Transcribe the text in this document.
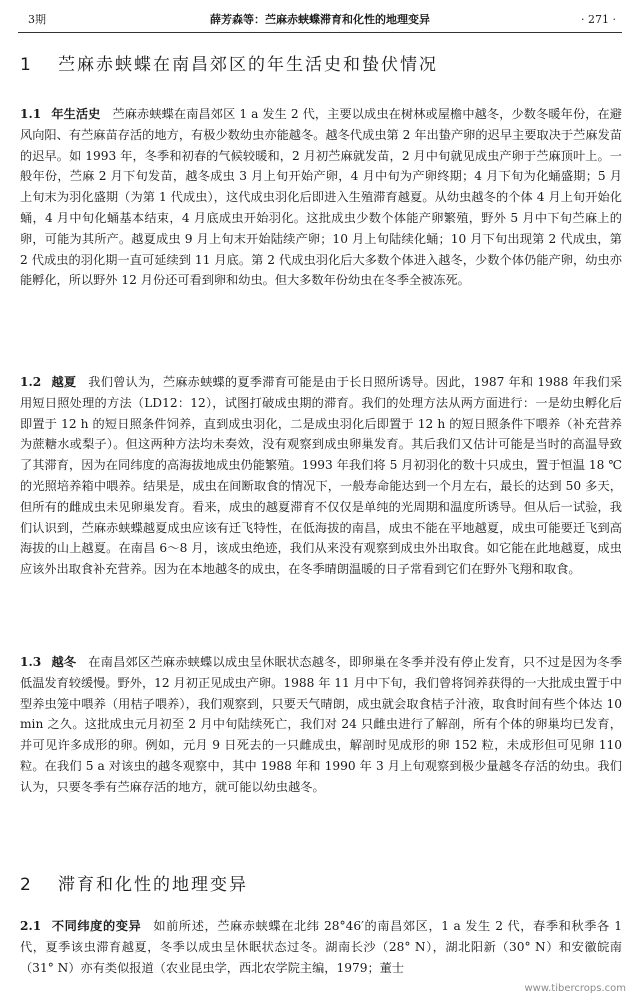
3期	薛芳森等：苎麻赤蛱蝶滞育和化性的地理变异	· 271 ·
1 苎麻赤蛱蝶在南昌郊区的年生活史和蛰伏情况
1.1 年生活史 苎麻赤蛱蝶在南昌郊区 1 a 发生 2 代，主要以成虫在树林或屋檐中越冬，少数冬暖年份，在避风向阳、有苎麻苗存活的地方，有极少数幼虫亦能越冬。越冬代成虫第 2 年出蛰产卵的迟早主要取决于苎麻发苗的迟早。如 1993 年，冬季和初春的气候较暖和，2 月初苎麻就发苗，2 月中旬就见成虫产卵于苎麻顶叶上。一般年份，苎麻 2 月下旬发苗，越冬成虫 3 月上旬开始产卵，4 月中旬为产卵终期；4 月下旬为化蛹盛期；5 月上旬末为羽化盛期（为第 1 代成虫），这代成虫羽化后即进入生殖滞育越夏。从幼虫越冬的个体 4 月上旬开始化蛹，4 月中旬化蛹基本结束，4 月底成虫开始羽化。这批成虫少数个体能产卵繁殖，野外 5 月中下旬苎麻上的卵，可能为其所产。越夏成虫 9 月上旬末开始陆续产卵；10 月上旬陆续化蛹；10 月下旬出现第 2 代成虫，第 2 代成虫的羽化期一直可延续到 11 月底。第 2 代成虫羽化后大多数个体进入越冬，少数个体仍能产卵，幼虫亦能孵化，所以野外 12 月份还可看到卵和幼虫。但大多数年份幼虫在冬季全被冻死。
1.2 越夏 我们曾认为，苎麻赤蛱蝶的夏季滞育可能是由于长日照所诱导。因此，1987 年和 1988 年我们采用短日照处理的方法（LD12：12），试图打破成虫期的滞育。我们的处理方法从两方面进行：一是幼虫孵化后即置于 12 h 的短日照条件饲养，直到成虫羽化，二是成虫羽化后即置于 12 h 的短日照条件下喂养（补充营养为蔗糖水或梨子）。但这两种方法均未奏效，没有观察到成虫卵巢发育。其后我们又估计可能是当时的高温导致了其滞育，因为在同纬度的高海拔地成虫仍能繁殖。1993 年我们将 5 月初羽化的数十只成虫，置于恒温 18 ℃的光照培养箱中喂养。结果是，成虫在间断取食的情况下，一般寿命能达到一个月左右，最长的达到 50 多天，但所有的雌成虫未见卵巢发育。看来，成虫的越夏滞育不仅仅是单纯的光周期和温度所诱导。但从后一试验，我们认识到，苎麻赤蛱蝶越夏成虫应该有迁飞特性，在低海拔的南昌，成虫不能在平地越夏，成虫可能要迁飞到高海拔的山上越夏。在南昌 6～8 月，该成虫绝迹，我们从来没有观察到成虫外出取食。如它能在此地越夏，成虫应该外出取食补充营养。因为在本地越冬的成虫，在冬季晴朗温暖的日子常看到它们在野外飞翔和取食。
1.3 越冬 在南昌郊区苎麻赤蛱蝶以成虫呈休眠状态越冬，即卵巢在冬季并没有停止发育，只不过是因为冬季低温发育较缓慢。野外，12 月初正见成虫产卵。1988 年 11 月中下旬，我们曾将饲养获得的一大批成虫置于中型养虫笼中喂养（用桔子喂养），我们观察到，只要天气晴朗，成虫就会取食桔子汁液，取食时间有些个体达 10 min 之久。这批成虫元月初至 2 月中旬陆续死亡，我们对 24 只雌虫进行了解剖，所有个体的卵巢均已发育，并可见许多成形的卵。例如，元月 9 日死去的一只雌成虫，解剖时见成形的卵 152 粒，未成形但可见卵 110 粒。在我们 5 a 对该虫的越冬观察中，其中 1988 年和 1990 年 3 月上旬观察到极少量越冬存活的幼虫。我们认为，只要冬季有苎麻存活的地方，就可能以幼虫越冬。
2 滞育和化性的地理变异
2.1 不同纬度的变异 如前所述，苎麻赤蛱蝶在北纬 28°46′的南昌郊区，1 a 发生 2 代，春季和秋季各 1 代，夏季该虫滞育越夏，冬季以成虫呈休眠状态过冬。湖南长沙（28° N），湖北阳新（30° N）和安徽皖南（31° N）亦有类似报道（农业昆虫学，西北农学院主编，1979；董士
www.tibercrops.com
